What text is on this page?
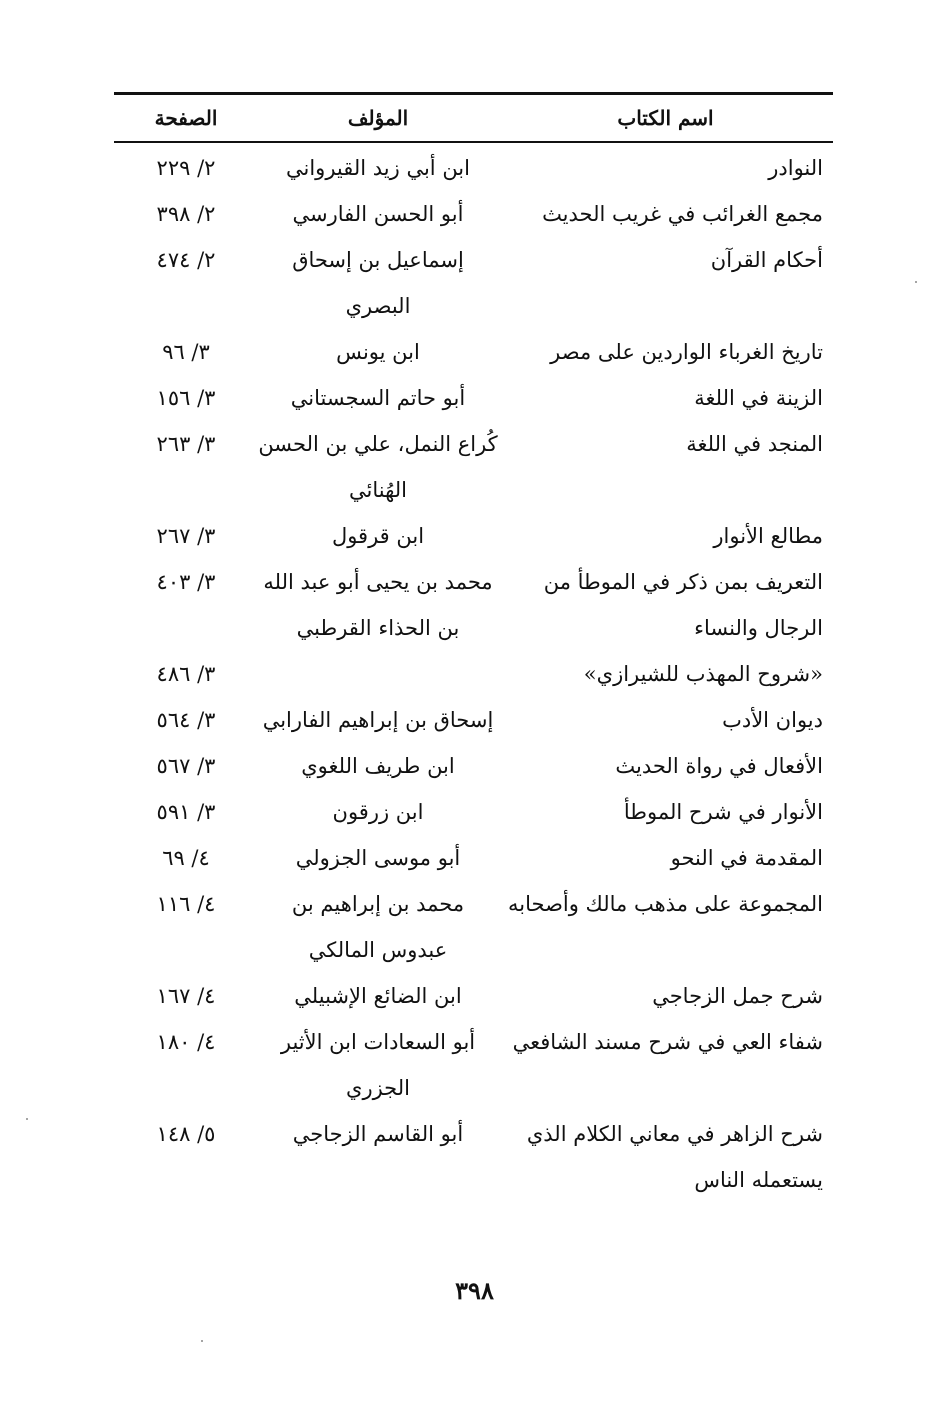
اسم الكتاب
المؤلف
الصفحة
النوادر
ابن أبي زيد القيرواني
٢/ ٢٢٩
مجمع الغرائب في غريب الحديث
أبو الحسن الفارسي
٢/ ٣٩٨
أحكام القرآن
إسماعيل بن إسحاق البصري
٢/ ٤٧٤
تاريخ الغرباء الواردين على مصر
ابن يونس
٣/ ٩٦
الزينة في اللغة
أبو حاتم السجستاني
٣/ ١٥٦
المنجد في اللغة
كُراع النمل، علي بن الحسن الهُنائي
٣/ ٢٦٣
مطالع الأنوار
ابن قرقول
٣/ ٢٦٧
التعريف بمن ذكر في الموطأ من الرجال والنساء
محمد بن يحيى أبو عبد الله بن الحذاء القرطبي
٣/ ٤٠٣
«شروح المهذب للشيرازي»
٣/ ٤٨٦
ديوان الأدب
إسحاق بن إبراهيم الفارابي
٣/ ٥٦٤
الأفعال في رواة الحديث
ابن طريف اللغوي
٣/ ٥٦٧
الأنوار في شرح الموطأ
ابن زرقون
٣/ ٥٩١
المقدمة في النحو
أبو موسى الجزولي
٤/ ٦٩
المجموعة على مذهب مالك وأصحابه
محمد بن إبراهيم بن عبدوس المالكي
٤/ ١١٦
شرح جمل الزجاجي
ابن الضائع الإشبيلي
٤/ ١٦٧
شفاء العي في شرح مسند الشافعي
أبو السعادات ابن الأثير الجزري
٤/ ١٨٠
شرح الزاهر في معاني الكلام الذي يستعمله الناس
أبو القاسم الزجاجي
٥/ ١٤٨
٣٩٨
